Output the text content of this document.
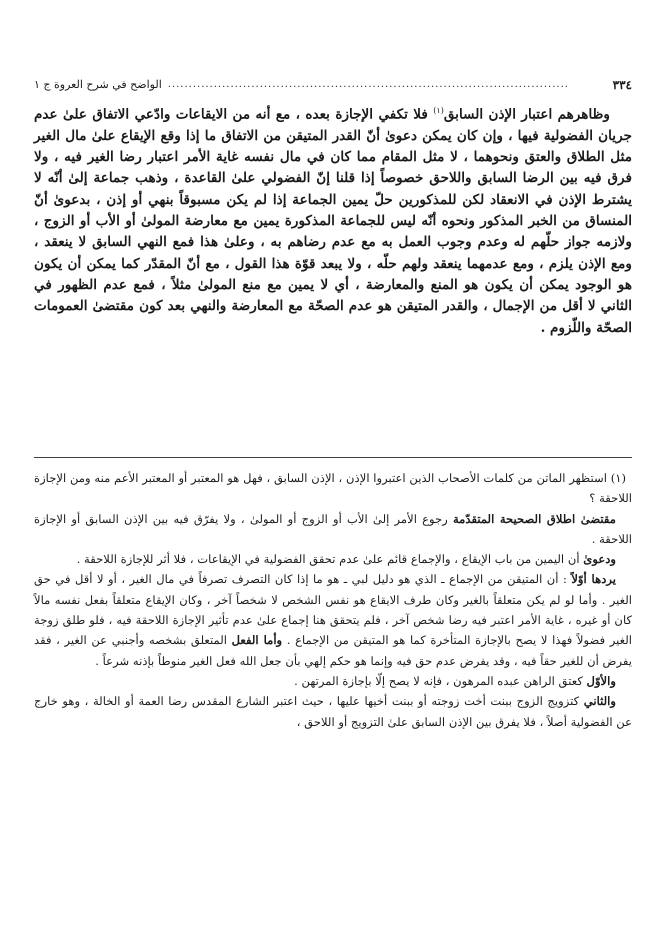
٣٣٤
................................................................................................
الواضح في شرح العروة ج ١

وظاهرهم اعتبار الإذن السابق$^{(١)}$ فلا تكفي الإجازة بعده ، مع أنه من الايقاعات وادّعي الاتفاق علىٰ عدم جريان الفضولية فيها ، وإن كان يمكن دعوىٰ أنّ القدر المتيقن من الاتفاق ما إذا وقع الإيقاع علىٰ مال الغير مثل الطلاق والعتق ونحوهما ، لا مثل المقام مما كان في مال نفسه غاية الأمر اعتبار رضا الغير فيه ، ولا فرق فيه بين الرضا السابق واللاحق خصوصاً إذا قلنا إنّ الفضولي علىٰ القاعدة ، وذهب جماعة إلىٰ أنّه لا يشترط الإذن في الانعقاد لكن للمذكورين حلّ يمين الجماعة إذا لم يكن مسبوقاً بنهي أو إذن ، بدعوىٰ أنّ المنساق من الخبر المذكور ونحوه أنّه ليس للجماعة المذكورة يمين مع معارضة المولىٰ أو الأب أو الزوج ، ولازمه جواز حلّهم له وعدم وجوب العمل به مع عدم رضاهم به ، وعلىٰ هذا فمع النهي السابق لا ينعقد ، ومع الإذن يلزم ، ومع عدمهما ينعقد ولهم حلّه ، ولا يبعد قوّة هذا القول ، مع أنّ المقدّر كما يمكن أن يكون هو الوجود يمكن أن يكون هو المنع والمعارضة ، أي لا يمين مع منع المولىٰ مثلاً ، فمع عدم الظهور في الثاني لا أقل من الإجمال ، والقدر المتيقن هو عدم الصحّة مع المعارضة والنهي بعد كون مقتضىٰ العمومات الصحّة واللّزوم .

(١) استظهر الماتن من كلمات الأصحاب الذين اعتبروا الإذن ، الإذن السابق ، فهل هو المعتبر أو المعتبر الأعم منه ومن الإجازة اللاحقة ؟

مقتضىٰ اطلاق الصحيحة المتقدّمة رجوع الأمر إلىٰ الأب أو الزوج أو المولىٰ ، ولا يفرّق فيه بين الإذن السابق أو الإجازة اللاحقة .

ودعوىٰ أن اليمين من باب الإيقاع ، والإجماع قائم علىٰ عدم تحقق الفضولية في الإيقاعات ، فلا أثر للإجازة اللاحقة .

يردها أوّلاً : أن المتيقن من الإجماع ـ الذي هو دليل لبي ـ هو ما إذا كان التصرف تصرفاً في مال الغير ، أو لا أقل في حق الغير . وأما لو لم يكن متعلقاً بالغير وكان طرف الايقاع هو نفس الشخص لا شخصاً آخر ، وكان الإيقاع متعلقاً بفعل نفسه مالاً كان أو غيره ، غاية الأمر اعتبر فيه رضا شخص آخر ، فلم يتحقق هنا إجماع علىٰ عدم تأثير الإجازة اللاحقة فيه ، فلو طلق زوجة الغير فضولاً فهذا لا يصح بالإجازة المتأخرة كما هو المتيقن من الإجماع . وأما الفعل المتعلق بشخصه وأجنبي عن الغير ، فقد يفرض أن للغير حقاً فيه ، وقد يفرض عدم حق فيه وإنما هو حكم إلهي بأن جعل الله فعل الغير منوطاً بإذنه شرعاً .

والأوّل كعتق الراهن عبده المرهون ، فإنه لا يصح إلّا بإجازة المرتهن .

والثاني كتزويج الزوج ببنت أخت زوجته أو ببنت أخيها عليها ، حيث اعتبر الشارع المقدس رضا العمة أو الخالة ، وهو خارج عن الفضولية أصلاً ، فلا يفرق بين الإذن السابق علىٰ التزويج أو اللاحق ،
